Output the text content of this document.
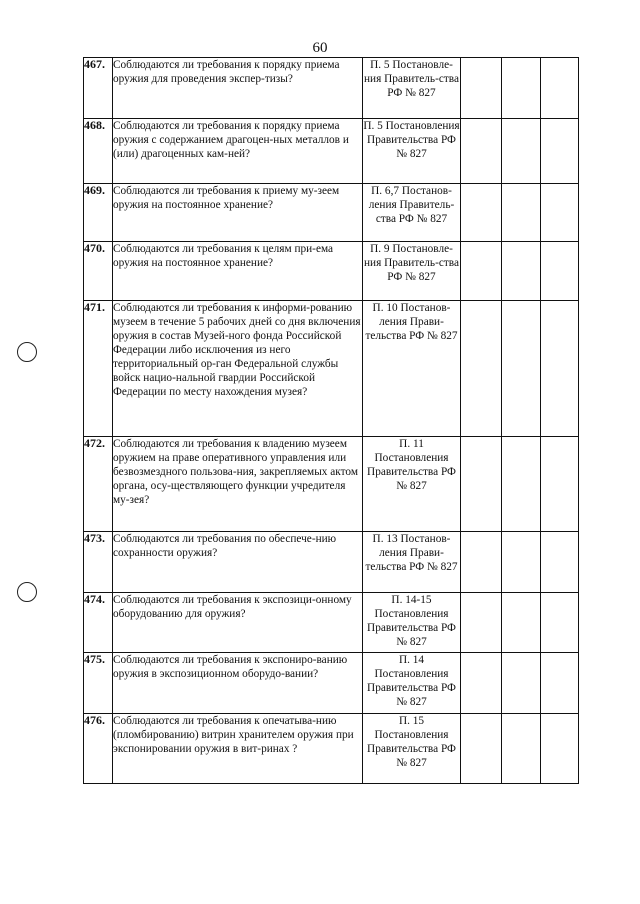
60
467.	Соблюдаются ли требования к порядку приема оружия для проведения экспер-тизы?	П. 5 Постановле-ния Правитель-ства РФ № 827			
468.	Соблюдаются ли требования к порядку приема оружия с содержанием драгоцен-ных металлов и (или) драгоценных кам-ней?	П. 5 Постановления Правительства РФ № 827			
469.	Соблюдаются ли требования к приему му-зеем оружия на постоянное хранение?	П. 6,7 Постанов-ления Правитель-ства РФ № 827			
470.	Соблюдаются ли требования к целям при-ема оружия на постоянное хранение?	П. 9 Постановле-ния Правитель-ства РФ № 827			
471.	Соблюдаются ли требования к информи-рованию музеем в течение 5 рабочих дней со дня включения оружия в состав Музей-ного фонда Российской Федерации либо исключения из него территориальный ор-ган Федеральной службы войск нацио-нальной гвардии Российской Федерации по месту нахождения музея?	П. 10 Постанов-ления Прави-тельства РФ № 827			
472.	Соблюдаются ли требования к владению музеем оружием на праве оперативного управления или безвозмездного пользова-ния, закрепляемых актом органа, осу-ществляющего функции учредителя му-зея?	П. 11 Постановления Правительства РФ № 827			
473.	Соблюдаются ли требования по обеспече-нию сохранности оружия?	П. 13 Постанов-ления Прави-тельства РФ № 827			
474.	Соблюдаются ли требования к экспозици-онному оборудованию для оружия?	П. 14-15 Постановления Правительства РФ № 827			
475.	Соблюдаются ли требования к экспониро-ванию оружия в экспозиционном оборудо-вании?	П. 14 Постановления Правительства РФ № 827			
476.	Соблюдаются ли требования к опечатыва-нию (пломбированию) витрин хранителем оружия при экспонировании оружия в вит-ринах ?	П. 15 Постановления Правительства РФ № 827			
